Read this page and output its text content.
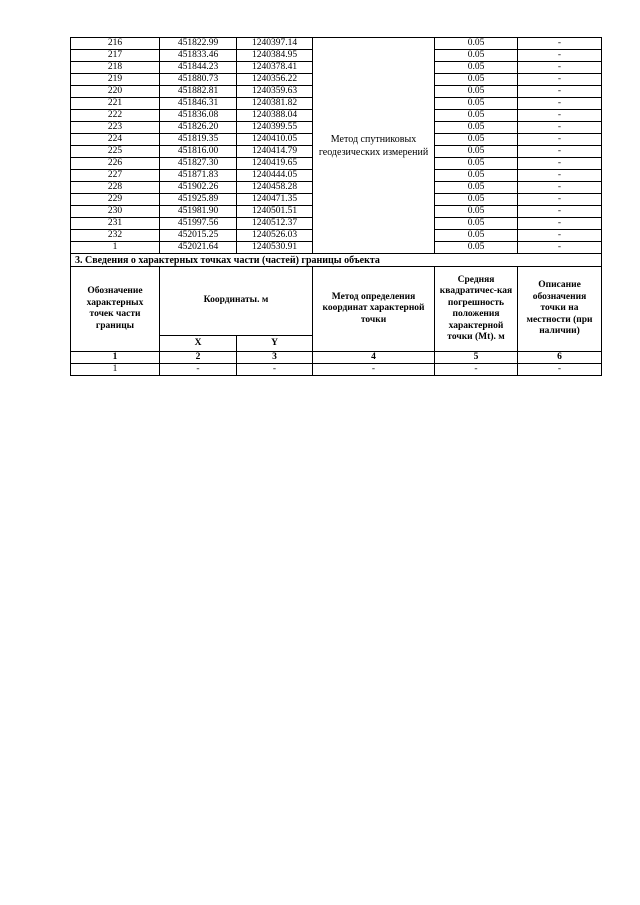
216	451822.99	1240397.14	Метод спутниковых геодезических измерений	0.05	-
217	451833.46	1240384.95		0.05	-
218	451844.23	1240378.41		0.05	-
219	451880.73	1240356.22		0.05	-
220	451882.81	1240359.63		0.05	-
221	451846.31	1240381.82		0.05	-
222	451836.08	1240388.04		0.05	-
223	451826.20	1240399.55		0.05	-
224	451819.35	1240410.05		0.05	-
225	451816.00	1240414.79		0.05	-
226	451827.30	1240419.65		0.05	-
227	451871.83	1240444.05		0.05	-
228	451902.26	1240458.28		0.05	-
229	451925.89	1240471.35		0.05	-
230	451981.90	1240501.51		0.05	-
231	451997.56	1240512.37		0.05	-
232	452015.25	1240526.03		0.05	-
1	452021.64	1240530.91		0.05	-
3. Сведения о характерных точках части (частей) границы объекта					
Обозначение характерных точек части границы	Координаты. м		Метод определения координат характерной точки	Средняя квадратичес-кая погрешность положения характерной точки (Mt). м	Описание обозначения точки на местности (при наличии)
	X	Y			
1	2	3	4	5	6
1	-	-	-	-	-
